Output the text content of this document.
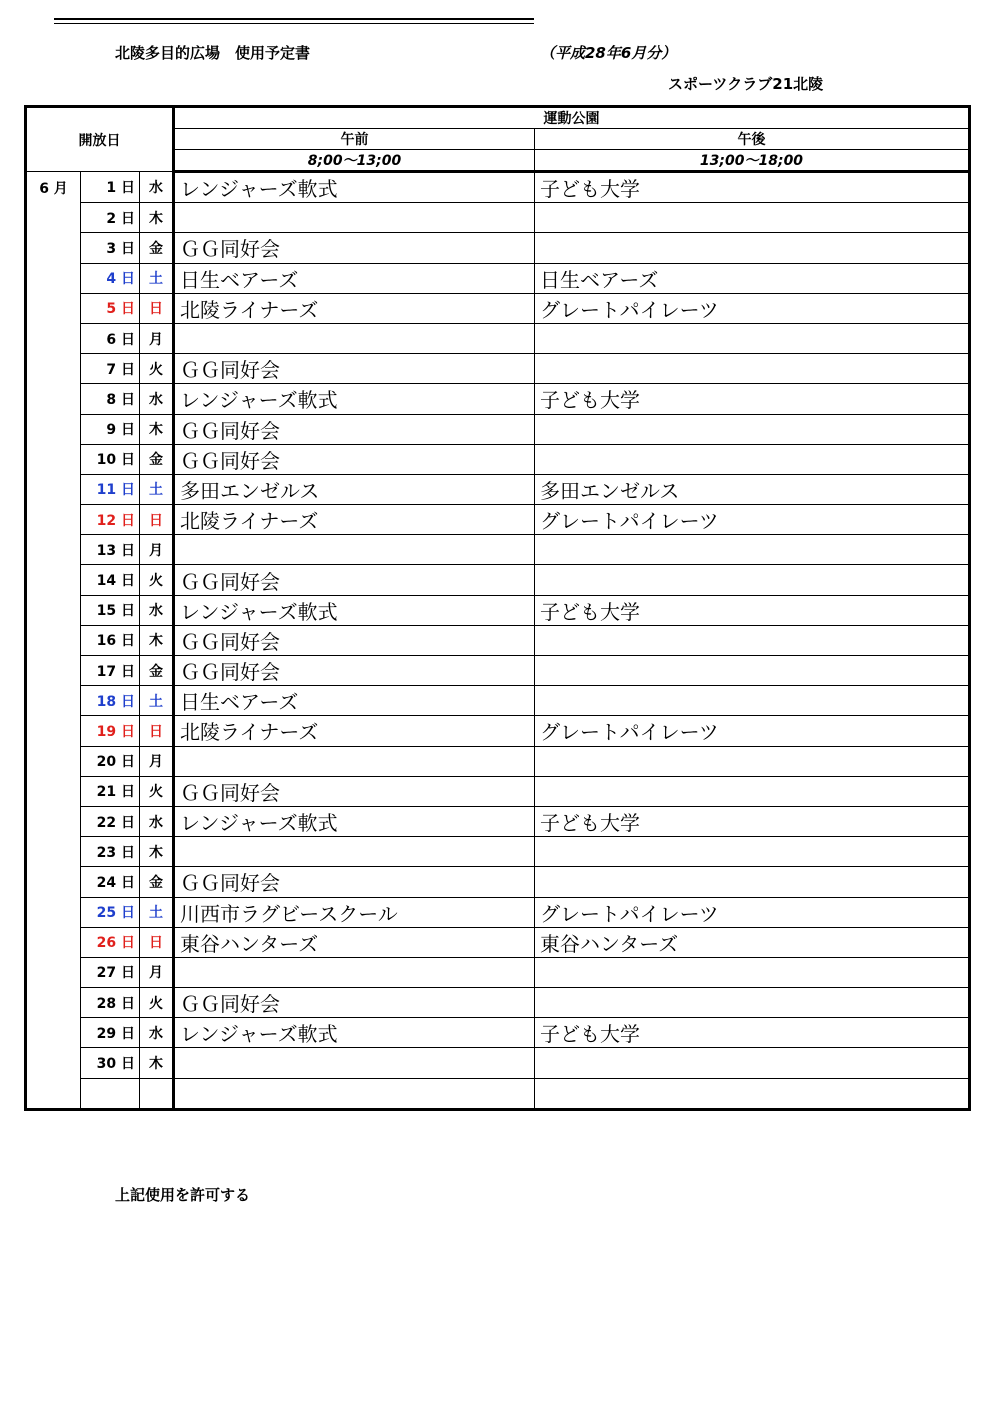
北陵多目的広場　使用予定書	（平成28年6月分）
スポーツクラブ21北陵
開放日			運動公園	
			午前	午後
			8;00～13;00	13;00～18;00
6 月	1 日	水	レンジャーズ軟式	子ども大学
	2 日	木		
	3 日	金	ＧＧ同好会	
	4 日	土	日生ベアーズ	日生ベアーズ
	5 日	日	北陵ライナーズ	グレートパイレーツ
	6 日	月		
	7 日	火	ＧＧ同好会	
	8 日	水	レンジャーズ軟式	子ども大学
	9 日	木	ＧＧ同好会	
	10 日	金	ＧＧ同好会	
	11 日	土	多田エンゼルス	多田エンゼルス
	12 日	日	北陵ライナーズ	グレートパイレーツ
	13 日	月		
	14 日	火	ＧＧ同好会	
	15 日	水	レンジャーズ軟式	子ども大学
	16 日	木	ＧＧ同好会	
	17 日	金	ＧＧ同好会	
	18 日	土	日生ベアーズ	
	19 日	日	北陵ライナーズ	グレートパイレーツ
	20 日	月		
	21 日	火	ＧＧ同好会	
	22 日	水	レンジャーズ軟式	子ども大学
	23 日	木		
	24 日	金	ＧＧ同好会	
	25 日	土	川西市ラグビースクール	グレートパイレーツ
	26 日	日	東谷ハンターズ	東谷ハンターズ
	27 日	月		
	28 日	火	ＧＧ同好会	
	29 日	水	レンジャーズ軟式	子ども大学
	30 日	木		

上記使用を許可する
